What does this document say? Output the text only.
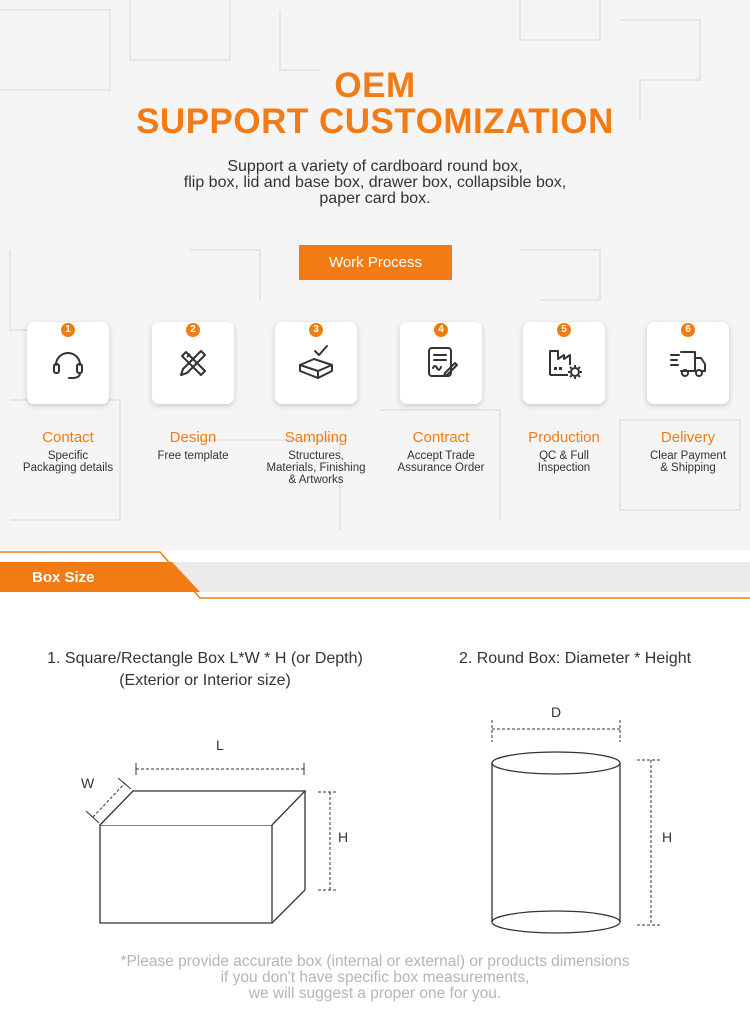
OEM
SUPPORT CUSTOMIZATION
Support a variety of cardboard round box,
flip box, lid and base box, drawer box, collapsible box,
paper card box.
Work Process
1
Contact
Specific
Packaging details
2
Design
Free template
3
Sampling
Structures,
Materials, Finishing
& Artworks
4
Contract
Accept Trade
Assurance Order
5
Production
QC & Full
Inspection
6
Delivery
Clear Payment
& Shipping
Box Size
1. Square/Rectangle Box L*W * H (or Depth)
(Exterior or Interior size)
2. Round Box: Diameter * Height
L
W
H
D
H
*Please provide accurate box (internal or external) or products dimensions
if you don't have specific box measurements,
we will suggest a proper one for you.
